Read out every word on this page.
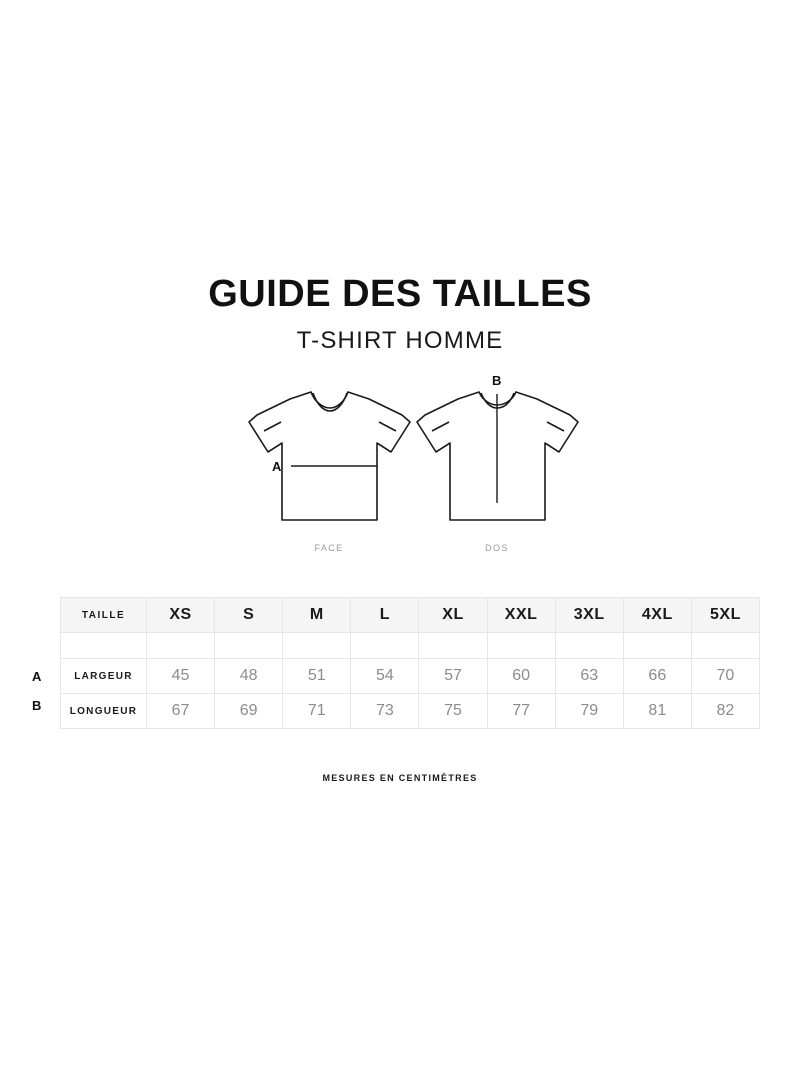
GUIDE DES TAILLES
T-SHIRT HOMME
A
B
FACE	DOS
A
B
TAILLE	XS	S	M	L	XL	XXL	3XL	4XL	5XL

LARGEUR	45	48	51	54	57	60	63	66	70
LONGUEUR	67	69	71	73	75	77	79	81	82
MESURES EN CENTIMÈTRES
